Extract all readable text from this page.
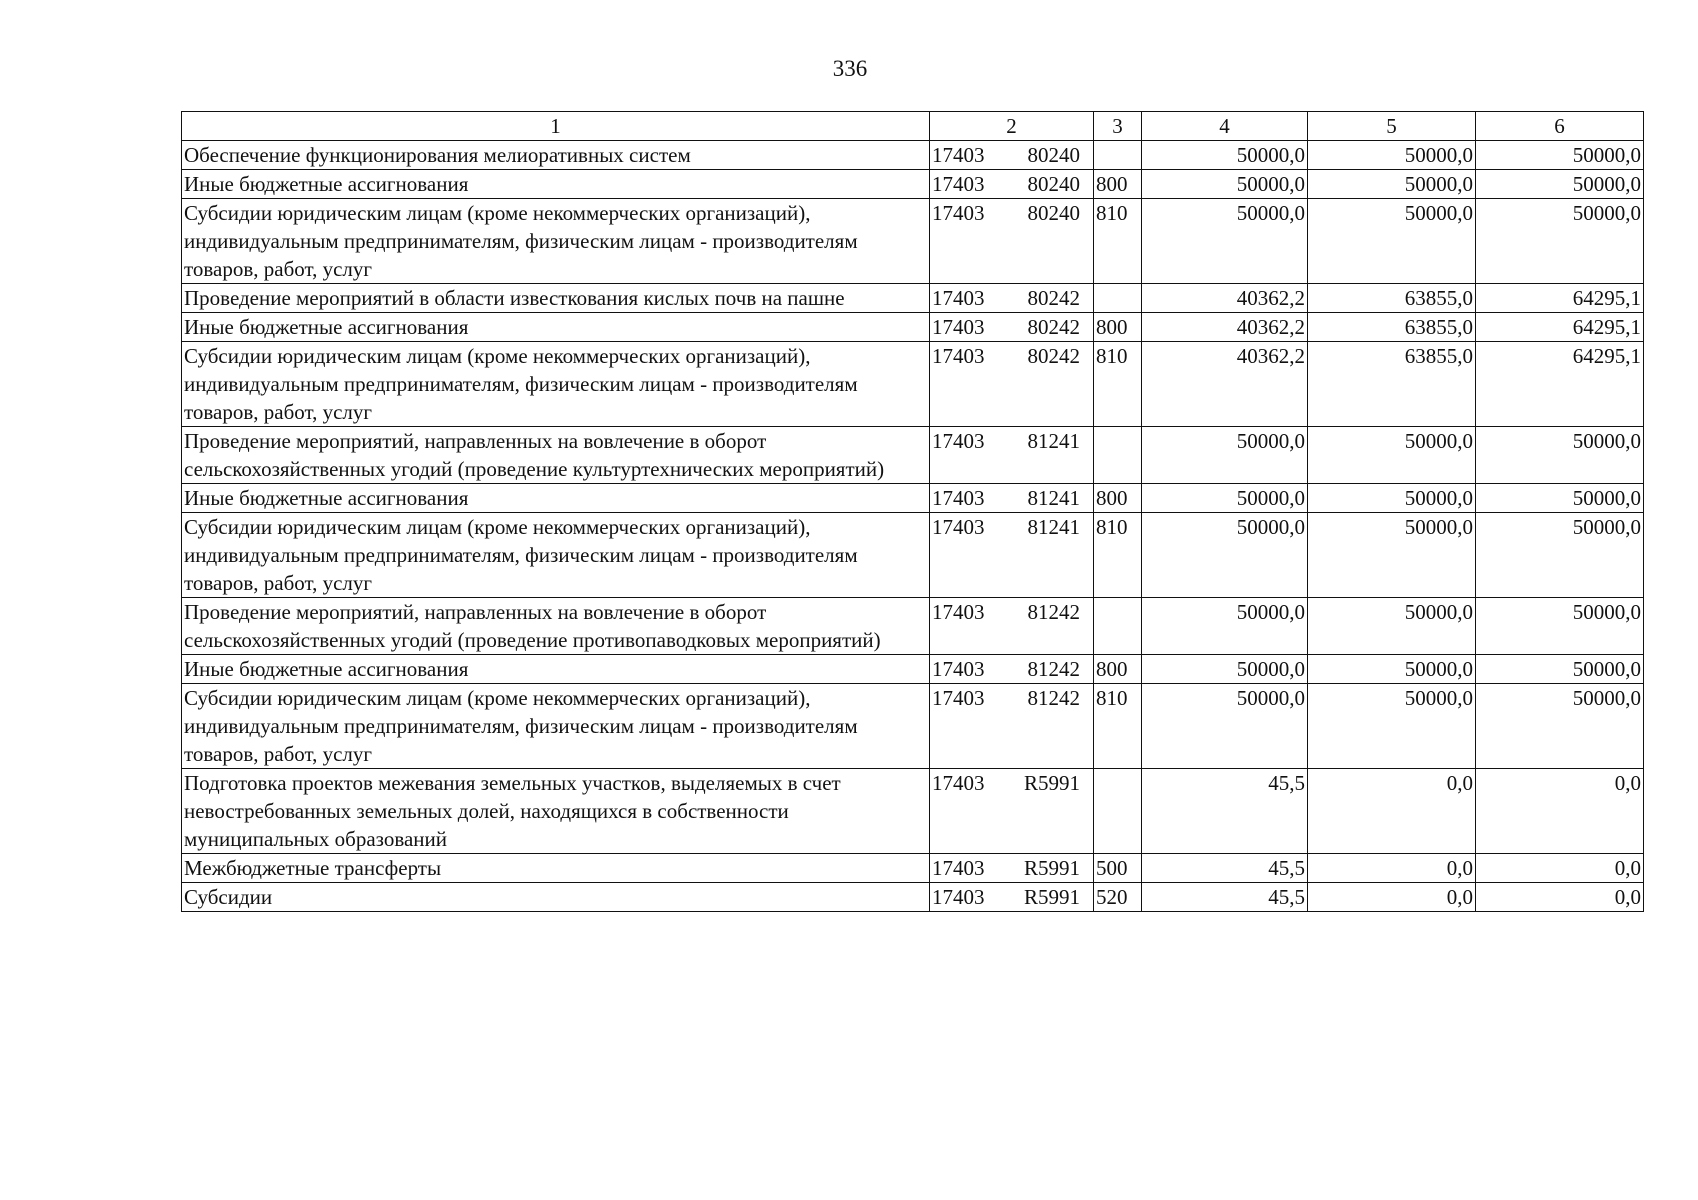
336
1	2	3	4	5	6
Обеспечение функционирования мелиоративных систем	17403 80240		50000,0	50000,0	50000,0
Иные бюджетные ассигнования	17403 80240	800	50000,0	50000,0	50000,0
Субсидии юридическим лицам (кроме некоммерческих организаций), индивидуальным предпринимателям, физическим лицам - производителям товаров, работ, услуг	17403 80240	810	50000,0	50000,0	50000,0
Проведение мероприятий в области известкования кислых почв на пашне	17403 80242		40362,2	63855,0	64295,1
Иные бюджетные ассигнования	17403 80242	800	40362,2	63855,0	64295,1
Субсидии юридическим лицам (кроме некоммерческих организаций), индивидуальным предпринимателям, физическим лицам - производителям товаров, работ, услуг	17403 80242	810	40362,2	63855,0	64295,1
Проведение мероприятий, направленных на вовлечение в оборот сельскохозяйственных угодий (проведение культуртехнических мероприятий)	17403 81241		50000,0	50000,0	50000,0
Иные бюджетные ассигнования	17403 81241	800	50000,0	50000,0	50000,0
Субсидии юридическим лицам (кроме некоммерческих организаций), индивидуальным предпринимателям, физическим лицам - производителям товаров, работ, услуг	17403 81241	810	50000,0	50000,0	50000,0
Проведение мероприятий, направленных на вовлечение в оборот сельскохозяйственных угодий (проведение противопаводковых мероприятий)	17403 81242		50000,0	50000,0	50000,0
Иные бюджетные ассигнования	17403 81242	800	50000,0	50000,0	50000,0
Субсидии юридическим лицам (кроме некоммерческих организаций), индивидуальным предпринимателям, физическим лицам - производителям товаров, работ, услуг	17403 81242	810	50000,0	50000,0	50000,0
Подготовка проектов межевания земельных участков, выделяемых в счет невостребованных земельных долей, находящихся в собственности муниципальных образований	17403 R5991		45,5	0,0	0,0
Межбюджетные трансферты	17403 R5991	500	45,5	0,0	0,0
Субсидии	17403 R5991	520	45,5	0,0	0,0
